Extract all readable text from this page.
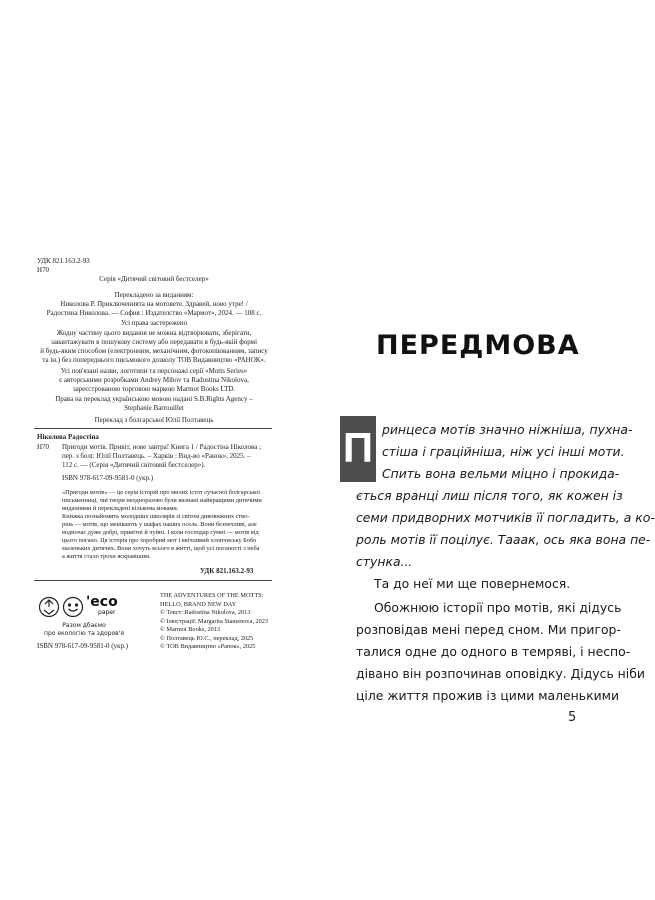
УДК 821.163.2-93
Н70
Серія «Дитячий світовий бестселер»
Перекладено за виданням:
Николова Р. Приключенията на мотовете. Здравей, ново утре! /
Радостина Николова. — София : Издателство «Мармот», 2024. — 108 с.
Усі права застережено
Жодну частину цього видання не можна відтворювати, зберігати,
завантажувати в пошукову систему або передавати в будь-якій формі
й будь-яким способом (електронним, механічним, фотокопіюванням, запису
та ін.) без попереднього письмового дозволу ТОВ Видавництво «РАНОК».
Усі пов'язані назви, логотипи та персонажі серії «Motts Series»
є авторськими розробками Andrey Mihov та Radostina Nikolova,
зареєстрованою торговою маркою Marmot Books LTD.
Права на переклад українською мовою надані S.B.Rights Agency –
Stephanie Barrouillet
Переклад з болгарської Юлії Полтавець
Ніколова Радостіна
Н70 Пригоди мотів. Привіт, нове завтра! Книга 1 / Радостіна Ніколова ;
пер. з болг. Юлії Полтавець. – Харків : Вид-во «Ранок», 2025. –
112 с. — (Серія «Дитячий світовий бестселер»).
ISBN 978-617-09-9581-0 (укр.)
«Пригоди мотів» — це серія історій про милих істот сучасної болгарської
письменниці, чиї твори неодноразово були визнані найкращими дитячими
виданнями й перекладені кількома мовами.
Книжка познайомить молодших школярів зі світом дивовижних ство-
рінь — мотів, що мешкають у шафах наших осель. Вони безпечливі, але
водночас дуже добрі, привітні й чуйні. І коли господар сумні — мотів від
цього погано. Ця історія про хоробрий мот і ввічливий хлопчиську Бобо
маленьких дитячих. Вони хочуть всього в житті, щоб усі поганості з неба
а життя стало трохи яскравішим.
УДК 821.163.2-93
'eco
paper
Разом дбаємо
про екологію та здоров'я
ISBN 978-617-09-9581-0 (укр.)
THE ADVENTURES OF THE MOTTS:
HELLO, BRAND NEW DAY
© Текст: Radostina Nikolova, 2013
© Ілюстрації: Margarita Stamenova, 2023
© Marmot Books, 2013
© Полтавець Ю.С., переклад, 2025
© ТОВ Видавництво «Ранок», 2025
ПЕРЕДМОВА
П ринцеса мотів значно ніжніша, пухна-
стіша і граційніша, ніж усі інші моти.
Спить вона вельми міцно і прокида-
ється вранці лиш після того, як кожен із
семи придворних мотчиків її погладить, а ко-
роль мотів її поцілує. Тааак, ось яка вона пе-
стунка...
Та до неї ми ще повернемося.
Обожнюю історії про мотів, які дідусь
розповідав мені перед сном. Ми пригор-
талися одне до одного в темряві, і неспо-
дівано він розпочинав оповідку. Дідусь ніби
ціле життя прожив із цими маленькими
5
